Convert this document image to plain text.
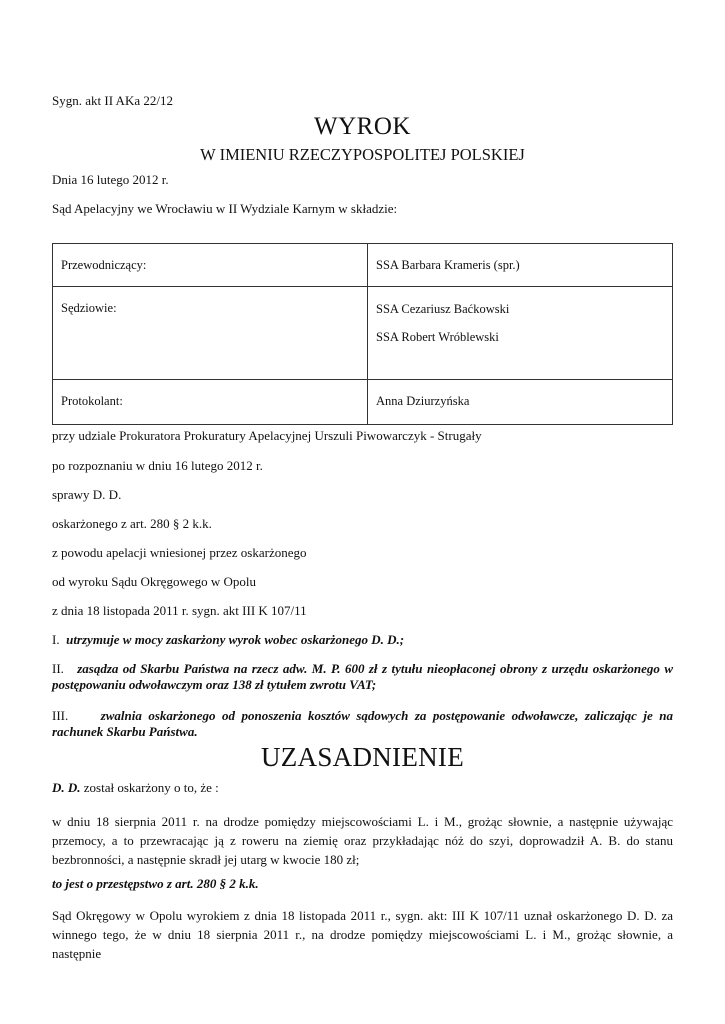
Sygn. akt II AKa 22/12
WYROK
W IMIENIU RZECZYPOSPOLITEJ POLSKIEJ
Dnia 16 lutego 2012 r.
Sąd Apelacyjny we Wrocławiu w II Wydziale Karnym w składzie:
Przewodniczący:	SSA Barbara Krameris (spr.)
Sędziowie:	SSA Cezariusz Baćkowski
SSA Robert Wróblewski

Protokolant:	Anna Dziurzyńska
przy udziale Prokuratora Prokuratury Apelacyjnej Urszuli Piwowarczyk - Strugały
po rozpoznaniu w dniu 16 lutego 2012 r.
sprawy D. D.
oskarżonego z art. 280 § 2 k.k.
z powodu apelacji wniesionej przez oskarżonego
od wyroku Sądu Okręgowego w Opolu
z dnia 18 listopada 2011 r. sygn. akt III K 107/11
I. utrzymuje w mocy zaskarżony wyrok wobec oskarżonego D. D.;
II. zasądza od Skarbu Państwa na rzecz adw. M. P. 600 zł z tytułu nieopłaconej obrony z urzędu oskarżonego w postępowaniu odwoławczym oraz 138 zł tytułem zwrotu VAT;
III. zwalnia oskarżonego od ponoszenia kosztów sądowych za postępowanie odwoławcze, zaliczając je na rachunek Skarbu Państwa.
UZASADNIENIE
D. D. został oskarżony o to, że :
w dniu 18 sierpnia 2011 r. na drodze pomiędzy miejscowościami L. i M., grożąc słownie, a następnie używając przemocy, a to przewracając ją z roweru na ziemię oraz przykładając nóż do szyi, doprowadził A. B. do stanu bezbronności, a następnie skradł jej utarg w kwocie 180 zł;
to jest o przestępstwo z art. 280 § 2 k.k.
Sąd Okręgowy w Opolu wyrokiem z dnia 18 listopada 2011 r., sygn. akt: III K 107/11 uznał oskarżonego D. D. za winnego tego, że w dniu 18 sierpnia 2011 r., na drodze pomiędzy miejscowościami L. i M., grożąc słownie, a następnie
